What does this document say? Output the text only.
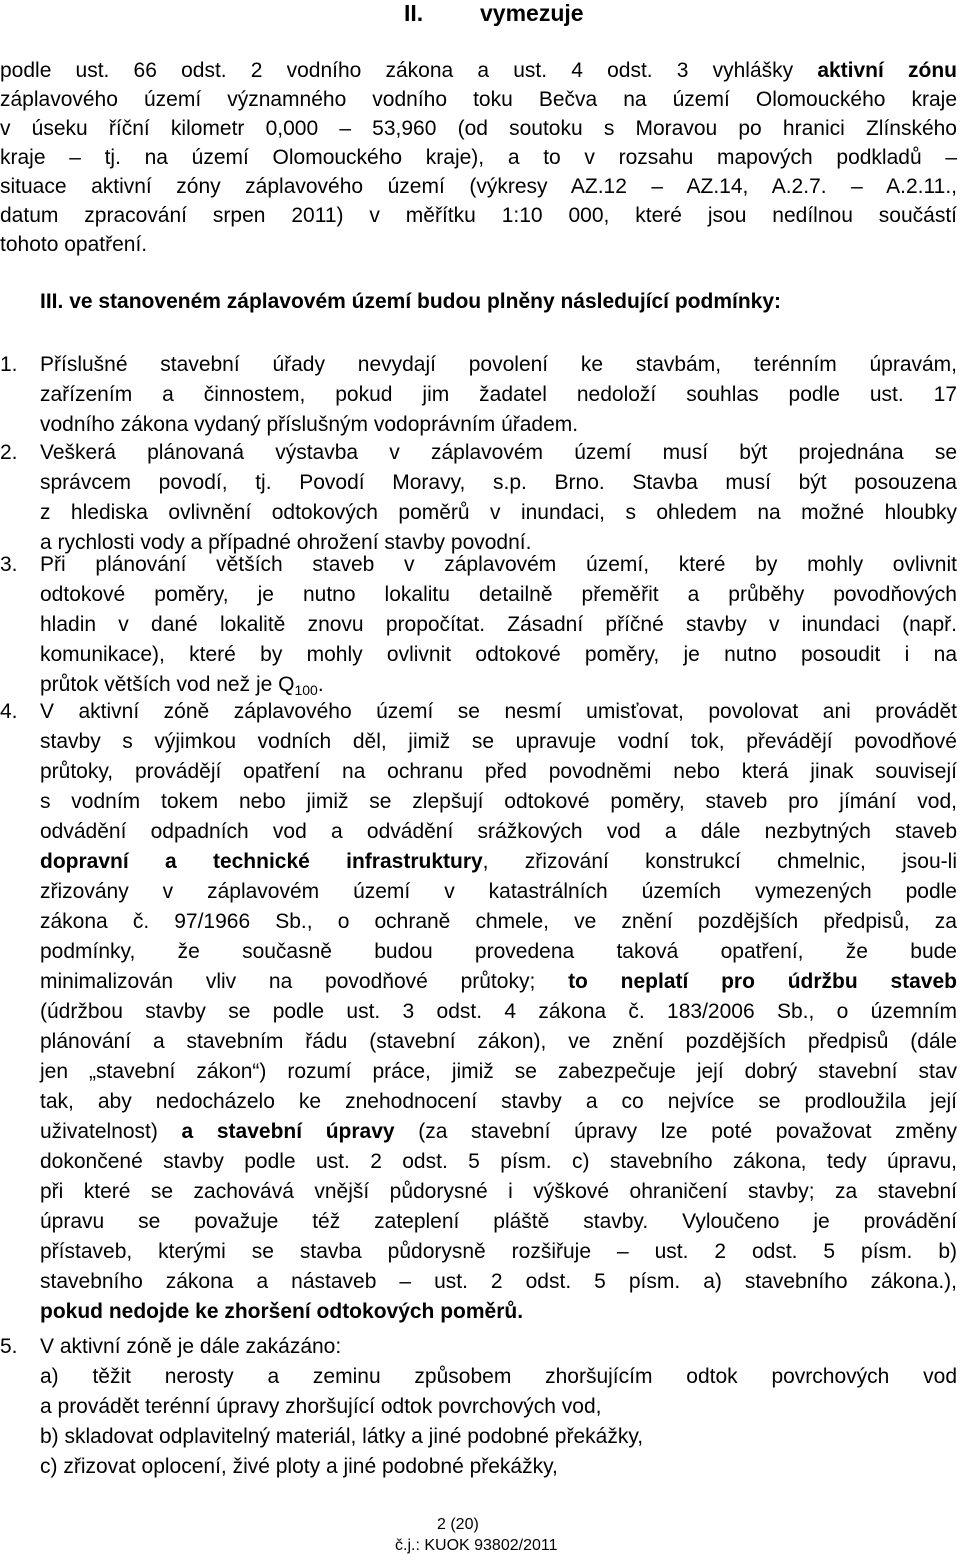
II. vymezuje
podle ust. 66 odst. 2 vodního zákona a ust. 4 odst. 3 vyhlášky aktivní zónu
záplavového území významného vodního toku Bečva na území Olomouckého kraje
v úseku říční kilometr 0,000 – 53,960 (od soutoku s Moravou po hranici Zlínského
kraje – tj. na území Olomouckého kraje), a to v rozsahu mapových podkladů –
situace aktivní zóny záplavového území (výkresy AZ.12 – AZ.14, A.2.7. – A.2.11.,
datum zpracování srpen 2011) v měřítku 1:10 000, které jsou nedílnou součástí
tohoto opatření.
III. ve stanoveném záplavovém území budou plněny následující podmínky:
1.	Příslušné stavební úřady nevydají povolení ke stavbám, terénním úpravám,
zařízením a činnostem, pokud jim žadatel nedoloží souhlas podle ust. 17
vodního zákona vydaný příslušným vodoprávním úřadem.
2.	Veškerá plánovaná výstavba v záplavovém území musí být projednána se
správcem povodí, tj. Povodí Moravy, s.p. Brno. Stavba musí být posouzena
z hlediska ovlivnění odtokových poměrů v inundaci, s ohledem na možné hloubky
a rychlosti vody a případné ohrožení stavby povodní.
3.	Při plánování větších staveb v záplavovém území, které by mohly ovlivnit
odtokové poměry, je nutno lokalitu detailně přeměřit a průběhy povodňových
hladin v dané lokalitě znovu propočítat. Zásadní příčné stavby v inundaci (např.
komunikace), které by mohly ovlivnit odtokové poměry, je nutno posoudit i na
průtok větších vod než je $Q_{100}$.
4.	V aktivní zóně záplavového území se nesmí umisťovat, povolovat ani provádět
stavby s výjimkou vodních děl, jimiž se upravuje vodní tok, převádějí povodňové
průtoky, provádějí opatření na ochranu před povodněmi nebo která jinak souvisejí
s vodním tokem nebo jimiž se zlepšují odtokové poměry, staveb pro jímání vod,
odvádění odpadních vod a odvádění srážkových vod a dále nezbytných staveb
dopravní a technické infrastruktury, zřizování konstrukcí chmelnic, jsou-li
zřizovány v záplavovém území v katastrálních územích vymezených podle
zákona č. 97/1966 Sb., o ochraně chmele, ve znění pozdějších předpisů, za
podmínky, že současně budou provedena taková opatření, že bude
minimalizován vliv na povodňové průtoky; to neplatí pro údržbu staveb
(údržbou stavby se podle ust. 3 odst. 4 zákona č. 183/2006 Sb., o územním
plánování a stavebním řádu (stavební zákon), ve znění pozdějších předpisů (dále
jen „stavební zákon“) rozumí práce, jimiž se zabezpečuje její dobrý stavební stav
tak, aby nedocházelo ke znehodnocení stavby a co nejvíce se prodloužila její
uživatelnost) a stavební úpravy (za stavební úpravy lze poté považovat změny
dokončené stavby podle ust. 2 odst. 5 písm. c) stavebního zákona, tedy úpravu,
při které se zachovává vnější půdorysné i výškové ohraničení stavby; za stavební
úpravu se považuje též zateplení pláště stavby. Vyloučeno je provádění
přístaveb, kterými se stavba půdorysně rozšiřuje – ust. 2 odst. 5 písm. b)
stavebního zákona a nástaveb – ust. 2 odst. 5 písm. a) stavebního zákona.),
pokud nedojde ke zhoršení odtokových poměrů.
5.	V aktivní zóně je dále zakázáno:
a) těžit nerosty a zeminu způsobem zhoršujícím odtok povrchových vod
a provádět terénní úpravy zhoršující odtok povrchových vod,
b) skladovat odplavitelný materiál, látky a jiné podobné překážky,
c) zřizovat oplocení, živé ploty a jiné podobné překážky,
2 (20)
č.j.: KUOK 93802/2011
